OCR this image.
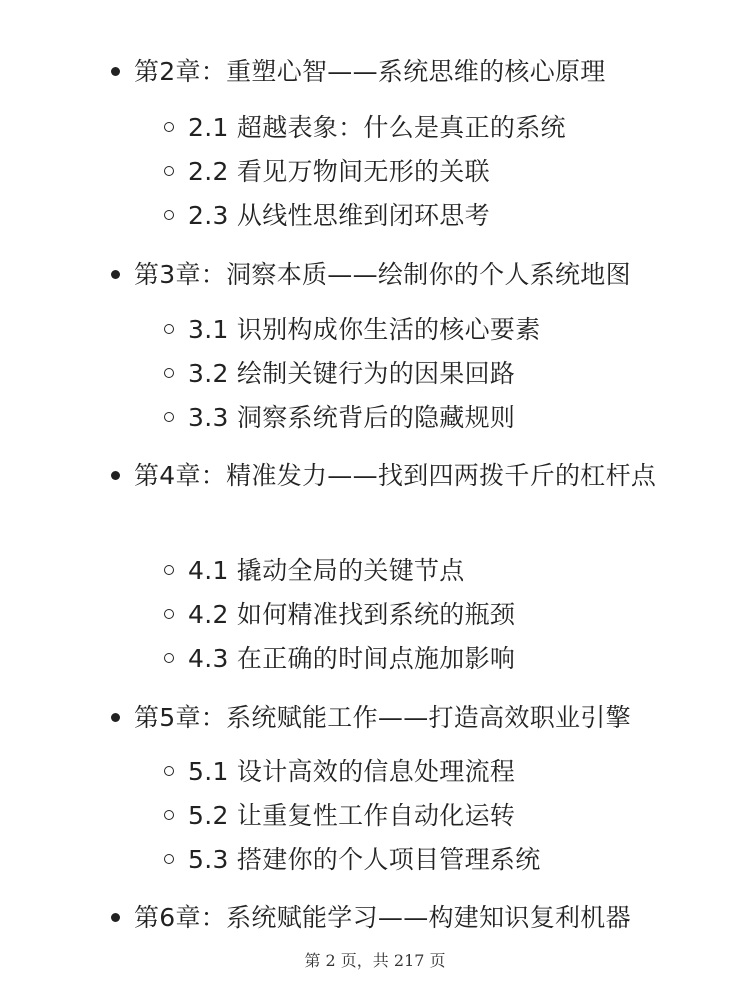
第2章：重塑心智——系统思维的核心原理
2.1 超越表象：什么是真正的系统
2.2 看见万物间无形的关联
2.3 从线性思维到闭环思考
第3章：洞察本质——绘制你的个人系统地图
3.1 识别构成你生活的核心要素
3.2 绘制关键行为的因果回路
3.3 洞察系统背后的隐藏规则
第4章：精准发力——找到四两拨千斤的杠杆点
4.1 撬动全局的关键节点
4.2 如何精准找到系统的瓶颈
4.3 在正确的时间点施加影响
第5章：系统赋能工作——打造高效职业引擎
5.1 设计高效的信息处理流程
5.2 让重复性工作自动化运转
5.3 搭建你的个人项目管理系统
第6章：系统赋能学习——构建知识复利机器
第 2 页，共 217 页
